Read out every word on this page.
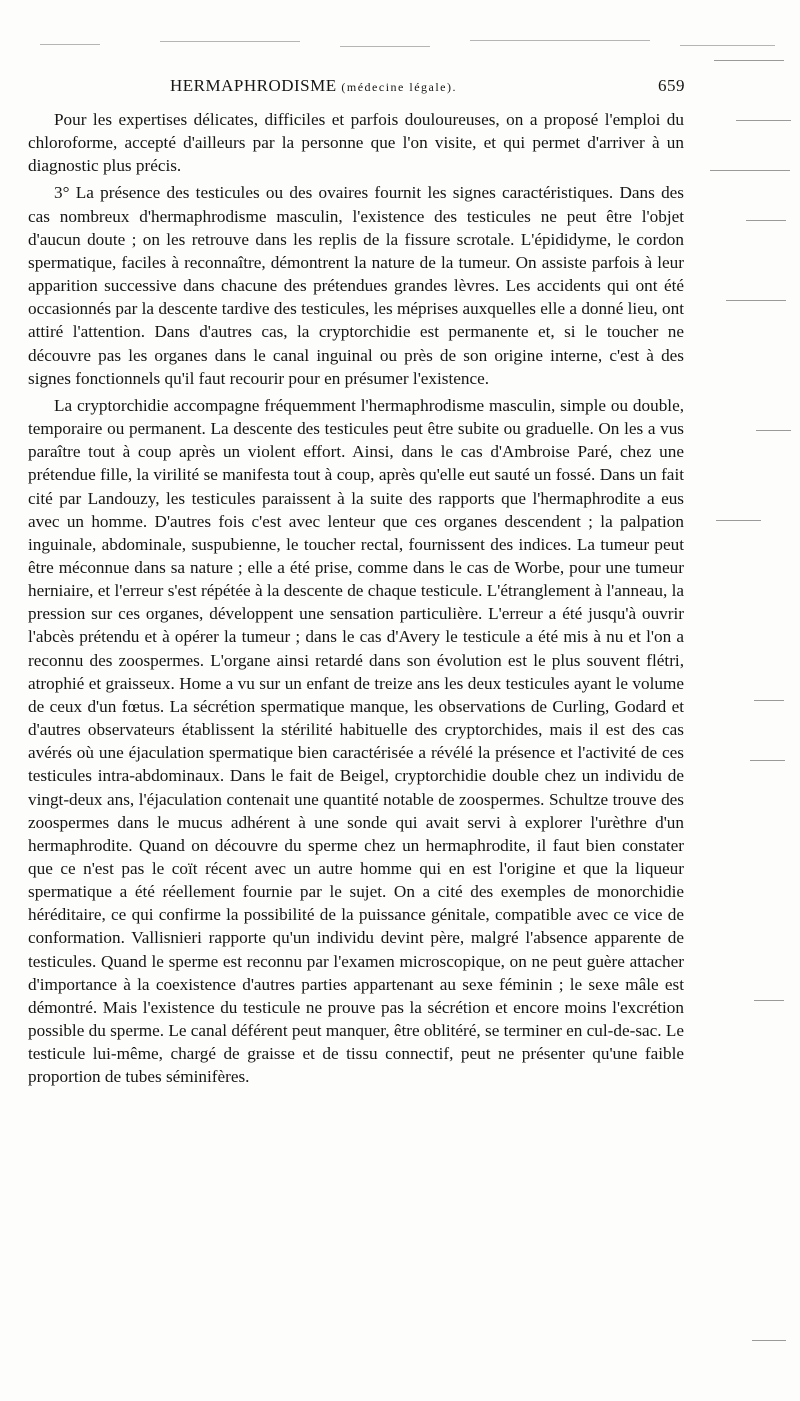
HERMAPHRODISME (médecine légale).	659

Pour les expertises délicates, difficiles et parfois douloureuses, on a proposé l'emploi du chloroforme, accepté d'ailleurs par la personne que l'on visite, et qui permet d'arriver à un diagnostic plus précis.

3° La présence des testicules ou des ovaires fournit les signes caractéristiques. Dans des cas nombreux d'hermaphrodisme masculin, l'existence des testicules ne peut être l'objet d'aucun doute ; on les retrouve dans les replis de la fissure scrotale. L'épididyme, le cordon spermatique, faciles à reconnaître, démontrent la nature de la tumeur. On assiste parfois à leur apparition successive dans chacune des prétendues grandes lèvres. Les accidents qui ont été occasionnés par la descente tardive des testicules, les méprises auxquelles elle a donné lieu, ont attiré l'attention. Dans d'autres cas, la cryptorchidie est permanente et, si le toucher ne découvre pas les organes dans le canal inguinal ou près de son origine interne, c'est à des signes fonctionnels qu'il faut recourir pour en présumer l'existence.

La cryptorchidie accompagne fréquemment l'hermaphrodisme masculin, simple ou double, temporaire ou permanent. La descente des testicules peut être subite ou graduelle. On les a vus paraître tout à coup après un violent effort. Ainsi, dans le cas d'Ambroise Paré, chez une prétendue fille, la virilité se manifesta tout à coup, après qu'elle eut sauté un fossé. Dans un fait cité par Landouzy, les testicules paraissent à la suite des rapports que l'hermaphrodite a eus avec un homme. D'autres fois c'est avec lenteur que ces organes descendent ; la palpation inguinale, abdominale, suspubienne, le toucher rectal, fournissent des indices. La tumeur peut être méconnue dans sa nature ; elle a été prise, comme dans le cas de Worbe, pour une tumeur herniaire, et l'erreur s'est répétée à la descente de chaque testicule. L'étranglement à l'anneau, la pression sur ces organes, développent une sensation particulière. L'erreur a été jusqu'à ouvrir l'abcès prétendu et à opérer la tumeur ; dans le cas d'Avery le testicule a été mis à nu et l'on a reconnu des zoospermes. L'organe ainsi retardé dans son évolution est le plus souvent flétri, atrophié et graisseux. Home a vu sur un enfant de treize ans les deux testicules ayant le volume de ceux d'un fœtus. La sécrétion spermatique manque, les observations de Curling, Godard et d'autres observateurs établissent la stérilité habituelle des cryptorchides, mais il est des cas avérés où une éjaculation spermatique bien caractérisée a révélé la présence et l'activité de ces testicules intra-abdominaux. Dans le fait de Beigel, cryptorchidie double chez un individu de vingt-deux ans, l'éjaculation contenait une quantité notable de zoospermes. Schultze trouve des zoospermes dans le mucus adhérent à une sonde qui avait servi à explorer l'urèthre d'un hermaphrodite. Quand on découvre du sperme chez un hermaphrodite, il faut bien constater que ce n'est pas le coït récent avec un autre homme qui en est l'origine et que la liqueur spermatique a été réellement fournie par le sujet. On a cité des exemples de monorchidie héréditaire, ce qui confirme la possibilité de la puissance génitale, compatible avec ce vice de conformation. Vallisnieri rapporte qu'un individu devint père, malgré l'absence apparente de testicules. Quand le sperme est reconnu par l'examen microscopique, on ne peut guère attacher d'importance à la coexistence d'autres parties appartenant au sexe féminin ; le sexe mâle est démontré. Mais l'existence du testicule ne prouve pas la sécrétion et encore moins l'excrétion possible du sperme. Le canal déférent peut manquer, être oblitéré, se terminer en cul-de-sac. Le testicule lui-même, chargé de graisse et de tissu connectif, peut ne présenter qu'une faible proportion de tubes séminifères.
